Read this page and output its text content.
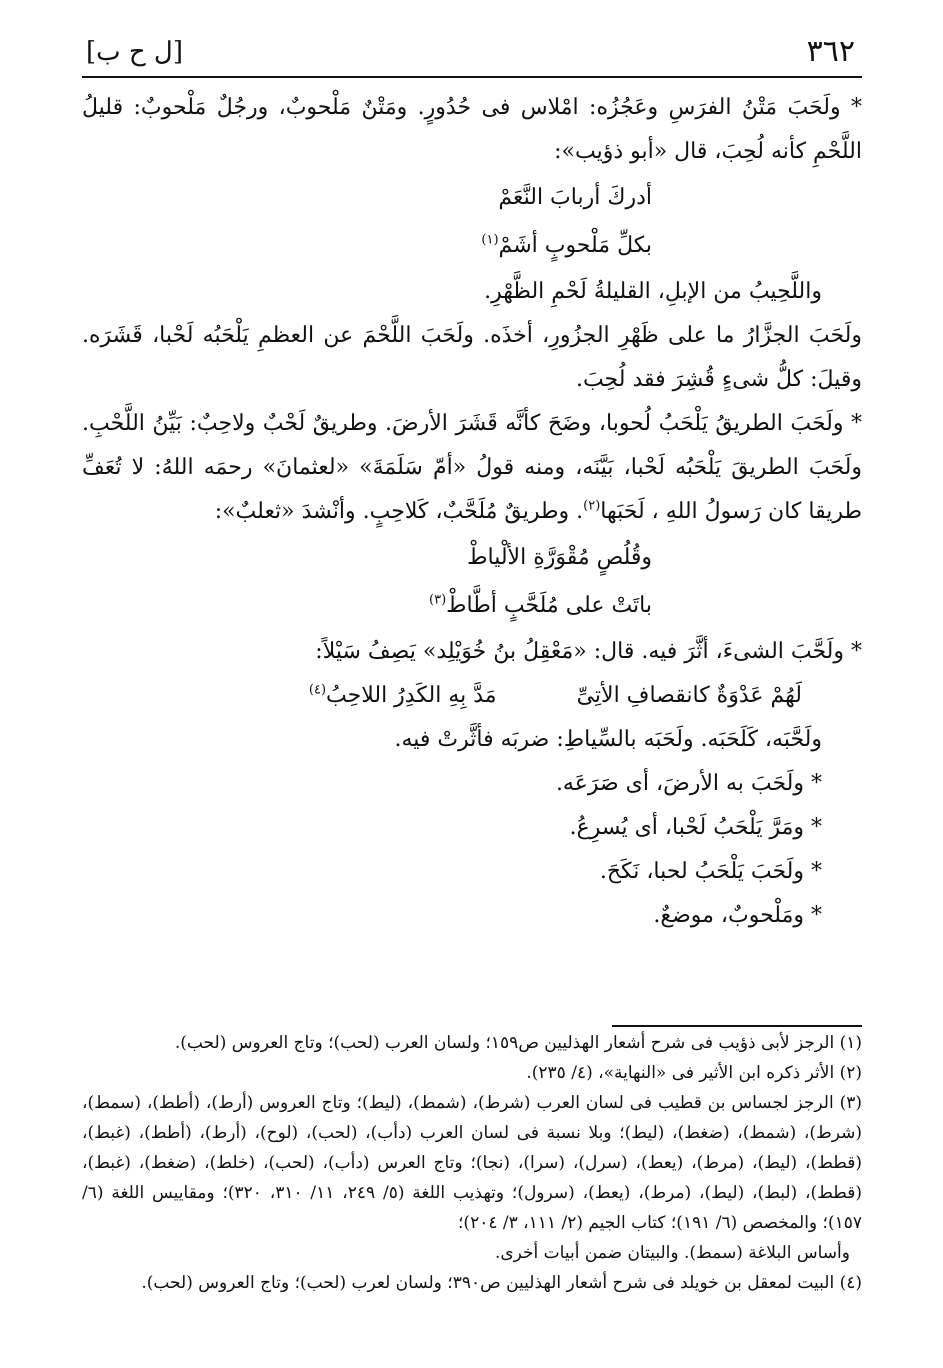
٣٦٢
[ل ح ب]

* ولَحَبَ مَتْنُ الفرَسِ وعَجُزُه: امْلاس فى حُدُورٍ. ومَتْنٌ مَلْحوبٌ، ورجُلٌ مَلْحوبٌ: قليلُ اللَّحْمِ كأنه لُحِبَ، قال «أبو ذؤيب»:

أدركَ أربابَ النَّعَمْ

بكلِّ مَلْحوبٍ أشَمْ$^{(١)}$

واللَّحِيبُ من الإبلِ، القليلةُ لَحْمِ الظَّهْرِ.

ولَحَبَ الجزَّارُ ما على ظَهْرِ الجزُورِ، أخذَه. ولَحَبَ اللَّحْمَ عن العظمِ يَلْحَبُه لَحْبا، قَشَرَه. وقيلَ: كلُّ شىءٍ قُشِرَ فقد لُحِبَ.

* ولَحَبَ الطريقُ يَلْحَبُ لُحوبا، وضَحَ كأنَّه قَشَرَ الأرضَ. وطريقٌ لَحْبٌ ولاحِبٌ: بَيِّنُ اللَّحْبِ. ولَحَبَ الطريقَ يَلْحَبُه لَحْبا، بَيَّنَه، ومنه قولُ «أمّ سَلَمَةَ» «لعثمانَ» رحمَه اللهُ: لا تُعَفِّ طريقا كان رَسولُ اللهِ ، لَحَبَها$^{(٢)}$. وطريقٌ مُلَحَّبٌ، كَلاحِبٍ. وأنْشدَ «ثعلبٌ»:

وقُلُصٍ مُقْوَرَّةِ الألْياطْ

باتَتْ على مُلَحَّبٍ أطَّاطْ$^{(٣)}$

* ولَحَّبَ الشىءَ، أثَّرَ فيه. قال: «مَعْقِلُ بنُ خُوَيْلِد» يَصِفُ سَيْلاً:

لَهُمْ عَدْوَةٌ كانقصافِ الأتِىِّ
مَدَّ بِهِ الكَدِرُ اللاحِبُ$^{(٤)}$

ولَحَّبَه، كَلَحَبَه. ولَحَبَه بالسِّياطِ: ضربَه فأثَّرتْ فيه.

* ولَحَبَ به الأرضَ، أى صَرَعَه.

* ومَرَّ يَلْحَبُ لَحْبا، أى يُسرِعُ.

* ولَحَبَ يَلْحَبُ لحبا، نَكَحَ.

* ومَلْحوبٌ، موضعٌ.

(١) الرجز لأبى ذؤيب فى شرح أشعار الهذليين ص١٥٩؛ ولسان العرب (لحب)؛ وتاج العروس (لحب).

(٢) الأثر ذكره ابن الأثير فى «النهاية»، (٤/ ٢٣٥).

(٣) الرجز لجساس بن قطيب فى لسان العرب (شرط)، (شمط)، (ليط)؛ وتاج العروس (أرط)، (أطط)، (سمط)، (شرط)، (شمط)، (ضغط)، (ليط)؛ وبلا نسبة فى لسان العرب (دأب)، (لحب)، (لوح)، (أرط)، (أطط)، (غبط)، (قطط)، (ليط)، (مرط)، (يعط)، (سرل)، (سرا)، (نجا)؛ وتاج العرس (دأب)، (لحب)، (خلط)، (ضغط)، (غبط)، (قطط)، (لبط)، (ليط)، (مرط)، (يعط)، (سرول)؛ وتهذيب اللغة (٥/ ٢٤٩، ١١/ ٣١٠، ٣٢٠)؛ ومقاييس اللغة (٦/ ١٥٧)؛ والمخصص (٦/ ١٩١)؛ كتاب الجيم (٢/ ١١١، ٣/ ٢٠٤)؛

وأساس البلاغة (سمط). والبيتان ضمن أبيات أخرى.

(٤) البيت لمعقل بن خويلد فى شرح أشعار الهذليين ص٣٩٠؛ ولسان لعرب (لحب)؛ وتاج العروس (لحب).
